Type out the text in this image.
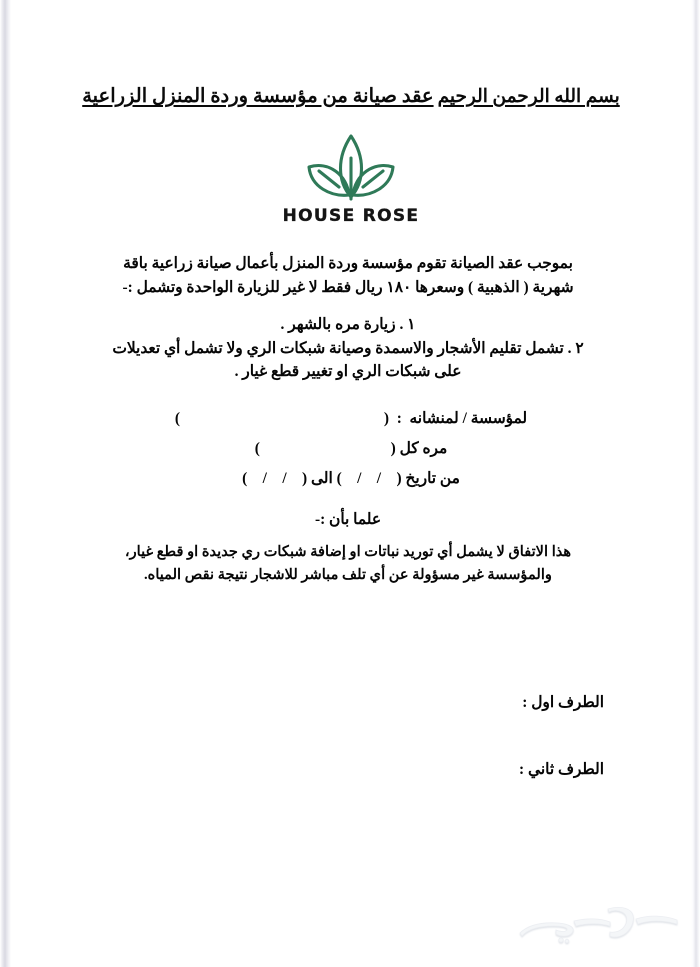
بسم الله الرحمن الرحيم عقد صيانة من مؤسسة وردة المنزل الزراعية
HOUSE ROSE
بموجب عقد الصيانة تقوم مؤسسة وردة المنزل بأعمال صيانة زراعية باقة
شهرية ( الذهبية ) وسعرها ١٨٠ ريال فقط لا غير للزيارة الواحدة وتشمل :-
١ . زيارة مره بالشهر .
٢ . تشمل تقليم الأشجار والاسمدة وصيانة شبكات الري ولا تشمل أي تعديلات
على شبكات الري او تغيير قطع غيار .
لمؤسسة / لمنشانه  :  (                                                     )
مره كل (                                  )
من تاريخ (    /    /    ) الى (    /    /    )
علما بأن :-
هذا الاتفاق لا يشمل أي توريد نباتات او إضافة شبكات ري جديدة او قطع غيار،
والمؤسسة غير مسؤولة عن أي تلف مباشر للاشجار نتيجة نقص المياه.
الطرف اول :
الطرف ثاني :
